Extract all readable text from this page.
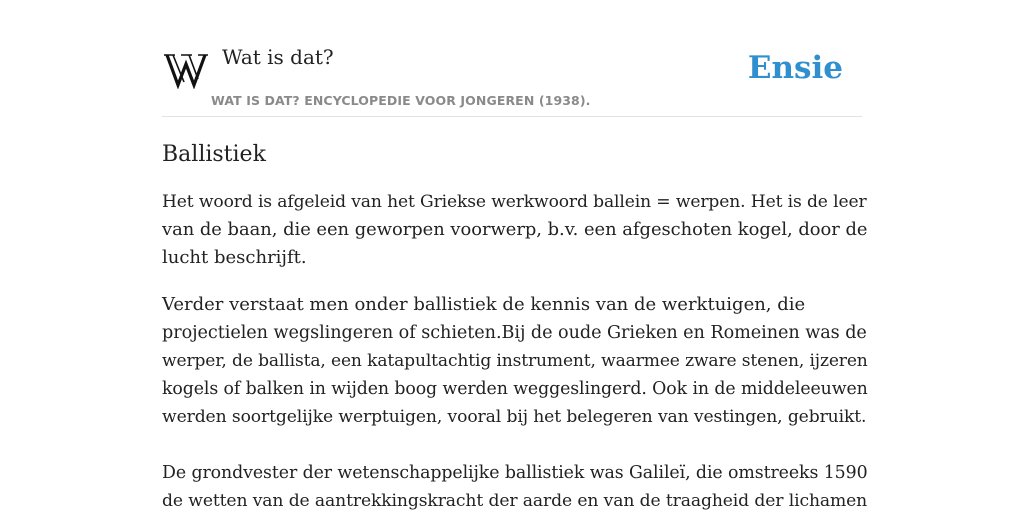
Wat is dat?
WAT IS DAT? ENCYCLOPEDIE VOOR JONGEREN (1938).
Ensie
Ballistiek

Het woord is afgeleid van het Griekse werkwoord ballein = werpen. Het is de leer
van de baan, die een geworpen voorwerp, b.v. een afgeschoten kogel, door de
lucht beschrijft.

Verder verstaat men onder ballistiek de kennis van de werktuigen, die
projectielen wegslingeren of schieten.Bij de oude Grieken en Romeinen was de
werper, de ballista, een katapultachtig instrument, waarmee zware stenen, ijzeren
kogels of balken in wijden boog werden weggeslingerd. Ook in de middeleeuwen
werden soortgelijke werptuigen, vooral bij het belegeren van vestingen, gebruikt.

De grondvester der wetenschappelijke ballistiek was Galileï, die omstreeks 1590
de wetten van de aantrekkingskracht der aarde en van de traagheid der lichamen
